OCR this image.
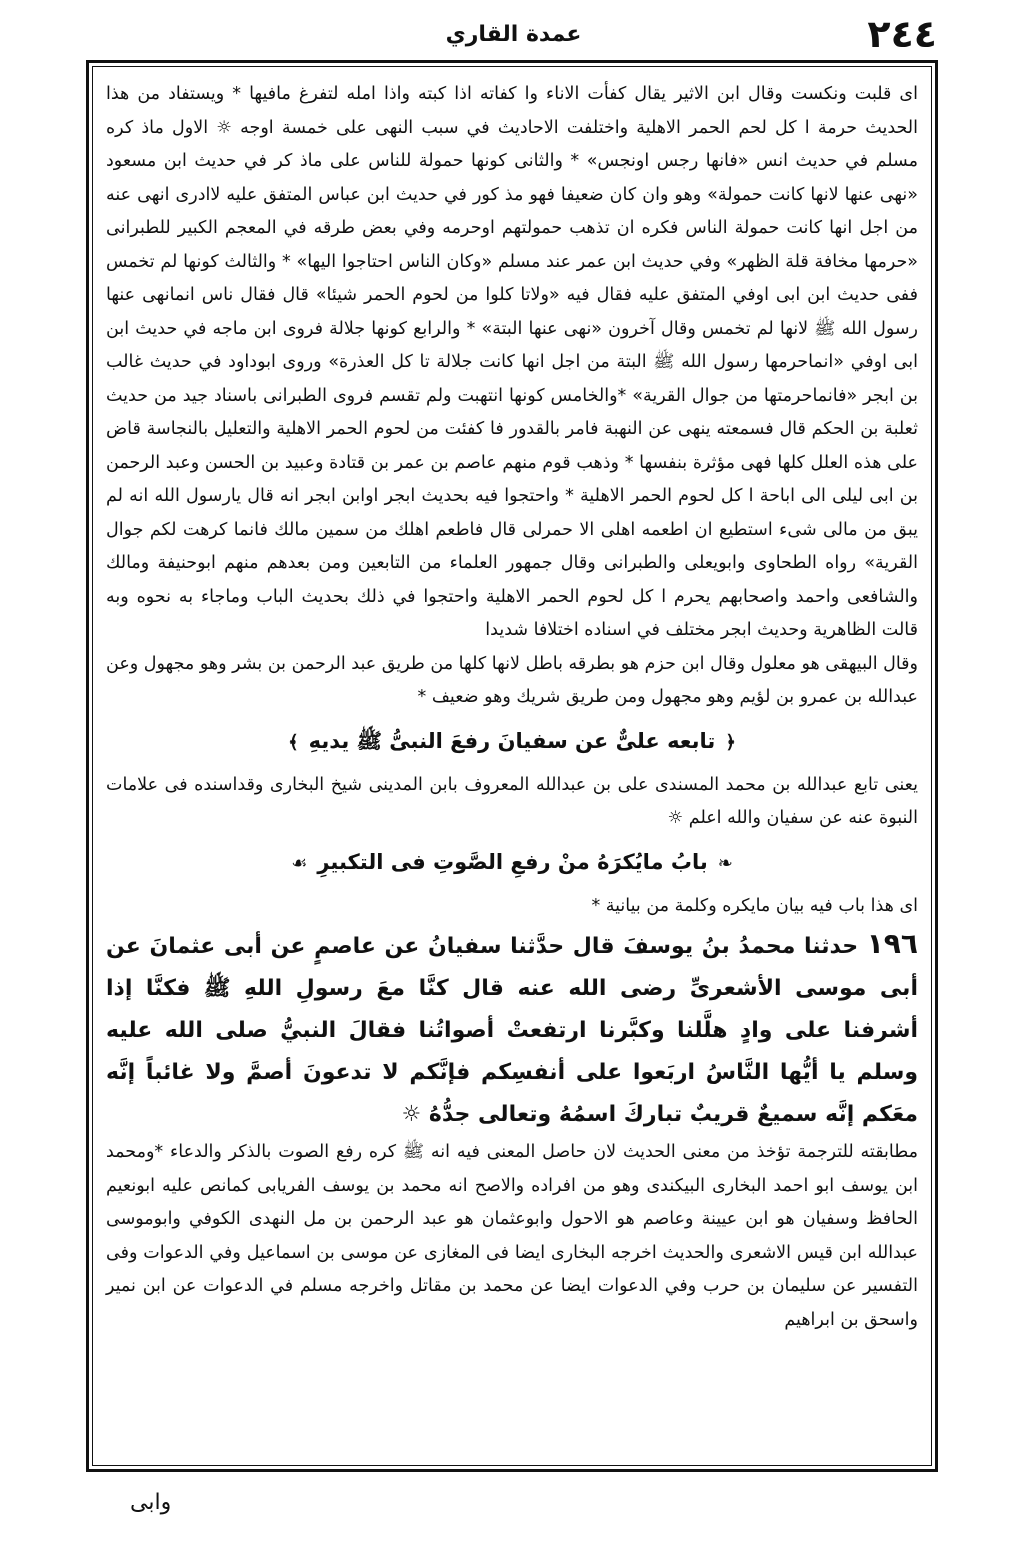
٢٤٤
عمدة القاري

اى قلبت ونكست وقال ابن الاثير يقال كفأت الاناء وا كفاته اذا كبته واذا امله لتفرغ مافيها * ويستفاد من هذا الحديث حرمة ا كل لحم الحمر الاهلية واختلفت الاحاديث في سبب النهى على خمسة اوجه ☼ الاول ماذ كره مسلم في حديث انس «فانها رجس اونجس» * والثانى كونها حمولة للناس على ماذ كر في حديث ابن مسعود «نهى عنها لانها كانت حمولة» وهو وان كان ضعيفا فهو مذ كور في حديث ابن عباس المتفق عليه لاادرى انهى عنه من اجل انها كانت حمولة الناس فكره ان تذهب حمولتهم اوحرمه وفي بعض طرقه في المعجم الكبير للطبرانى «حرمها مخافة قلة الظهر» وفي حديث ابن عمر عند مسلم «وكان الناس احتاجوا اليها» * والثالث كونها لم تخمس ففى حديث ابن ابى اوفي المتفق عليه فقال فيه «ولاتا كلوا من لحوم الحمر شيئا» قال فقال ناس انمانهى عنها رسول الله ﷺ لانها لم تخمس وقال آخرون «نهى عنها البتة» * والرابع كونها جلالة فروى ابن ماجه في حديث ابن ابى اوفي «انماحرمها رسول الله ﷺ البتة من اجل انها كانت جلالة تا كل العذرة» وروى ابوداود في حديث غالب بن ابجر «فانماحرمتها من جوال القرية» *والخامس كونها انتهبت ولم تقسم فروى الطبرانى باسناد جيد من حديث ثعلبة بن الحكم قال فسمعته ينهى عن النهبة فامر بالقدور فا كفئت من لحوم الحمر الاهلية والتعليل بالنجاسة قاض على هذه العلل كلها فهى مؤثرة بنفسها * وذهب قوم منهم عاصم بن عمر بن قتادة وعبيد بن الحسن وعبد الرحمن بن ابى ليلى الى اباحة ا كل لحوم الحمر الاهلية * واحتجوا فيه بحديث ابجر اوابن ابجر انه قال يارسول الله انه لم يبق من مالى شىء استطيع ان اطعمه اهلى الا حمرلى قال فاطعم اهلك من سمين مالك فانما كرهت لكم جوال القرية» رواه الطحاوى وابويعلى والطبرانى وقال جمهور العلماء من التابعين ومن بعدهم منهم ابوحنيفة ومالك والشافعى واحمد واصحابهم يحرم ا كل لحوم الحمر الاهلية واحتجوا في ذلك بحديث الباب وماجاء به نحوه وبه قالت الظاهرية وحديث ابجر مختلف في اسناده اختلافا شديدا

وقال البيهقى هو معلول وقال ابن حزم هو بطرقه باطل لانها كلها من طريق عبد الرحمن بن بشر وهو مجهول وعن عبدالله بن عمرو بن لؤيم وهو مجهول ومن طريق شريك وهو ضعيف *

﴿تابعه علىٌّ عن سفيانَ رفعَ النبىُّ ﷺ يديهِ﴾

يعنى تابع عبدالله بن محمد المسندى على بن عبدالله المعروف بابن المدينى شيخ البخارى وقداسنده فى علامات النبوة عنه عن سفيان والله اعلم ☼

❧بابُ مايُكرَهُ منْ رفعِ الصَّوتِ فى التكبيرِ☙

اى هذا باب فيه بيان مايكره وكلمة من بيانية *

١٩٦ حدثنا محمدُ بنُ يوسفَ قال حدَّثنا سفيانُ عن عاصمٍ عن أبى عثمانَ عن أبى موسى الأشعرىِّ رضى الله عنه قال كنَّا معَ رسولِ اللهِ ﷺ فكنَّا إذا أشرفنا على وادٍ هلَّلنا وكبَّرنا ارتفعتْ أصواتُنا فقالَ النبيُّ صلى الله عليه وسلم يا أيُّها النَّاسُ اربَعوا على أنفسِكم فإنَّكم لا تدعونَ أصمَّ ولا غائباً إنَّه معَكم إنَّه سميعٌ قريبٌ تباركَ اسمُهُ وتعالى جدُّهُ ☼

مطابقته للترجمة تؤخذ من معنى الحديث لان حاصل المعنى فيه انه ﷺ كره رفع الصوت بالذكر والدعاء *ومحمد ابن يوسف ابو احمد البخارى البيكندى وهو من افراده والاصح انه محمد بن يوسف الفريابى كمانص عليه ابونعيم الحافظ وسفيان هو ابن عيينة وعاصم هو الاحول وابوعثمان هو عبد الرحمن بن مل النهدى الكوفي وابوموسى عبدالله ابن قيس الاشعرى والحديث اخرجه البخارى ايضا فى المغازى عن موسى بن اسماعيل وفي الدعوات وفى التفسير عن سليمان بن حرب وفي الدعوات ايضا عن محمد بن مقاتل واخرجه مسلم في الدعوات عن ابن نمير واسحق بن ابراهيم

وابى
